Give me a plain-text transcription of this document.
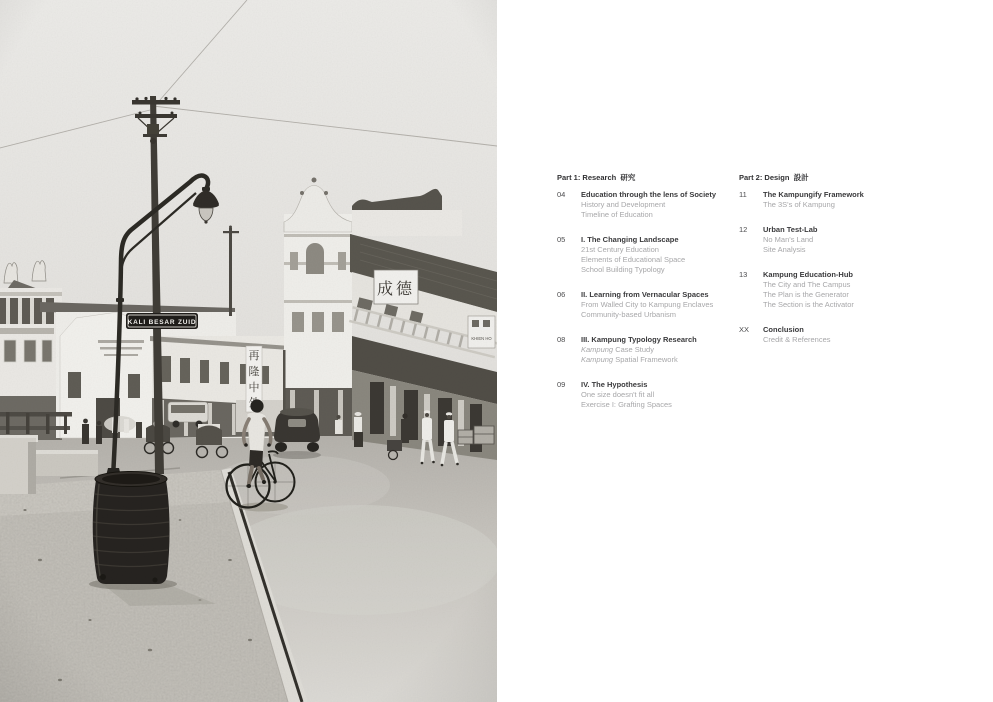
Part 1: Research  研究
04	Education through the lens of Society
History and Development
Timeline of Education
05	I. The Changing Landscape
21st Century Education
Elements of Educational Space
School Building Typology
06	II. Learning from Vernacular Spaces
From Walled City to Kampung Enclaves
Community-based Urbanism
08	III. Kampung Typology Research
Kampung Case Study
Kampung Spatial Framework
09	IV. The Hypothesis
One size doesn't fit all
Exercise I: Grafting Spaces
Part 2: Design  設計
11	The Kampungify Framework
The 3S's of Kampung
12	Urban Test-Lab
No Man's Land
Site Analysis
13	Kampung Education-Hub
The City and The Campus
The Plan is the Generator
The Section is the Activator
XX	Conclusion
Credit & References
